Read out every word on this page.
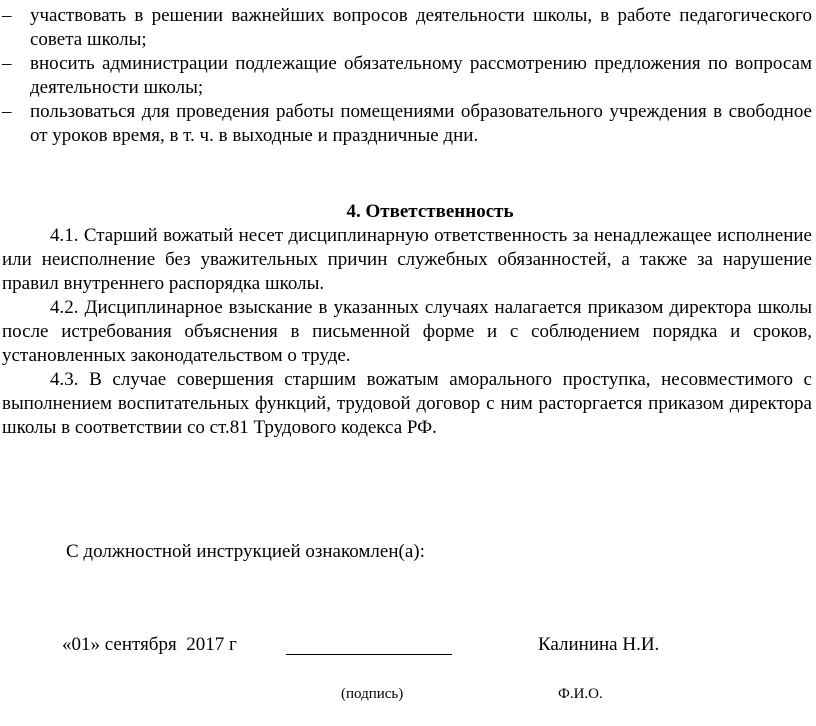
– участвовать в решении важнейших вопросов деятельности школы, в работе педагогического совета школы;
– вносить администрации подлежащие обязательному рассмотрению предложения по вопросам деятельности школы;
– пользоваться для проведения работы помещениями образовательного учреждения в свободное от уроков время, в т. ч. в выходные и праздничные дни.
4. Ответственность

4.1. Старший вожатый несет дисциплинарную ответственность за ненадлежащее исполнение или неисполнение без уважительных причин служебных обязанностей, а также за нарушение правил внутреннего распорядка школы.

4.2. Дисциплинарное взыскание в указанных случаях налагается приказом директора школы после истребования объяснения в письменной форме и с соблюдением порядка и сроков, установленных законодательством о труде.

4.3. В случае совершения старшим вожатым аморального проступка, несовместимого с выполнением воспитательных функций, трудовой договор с ним расторгается приказом директора школы в соответствии со ст.81 Трудового кодекса РФ.

С должностной инструкцией ознакомлен(а):

«01» сентября  2017 г	Калинина Н.И.
(подпись)	Ф.И.О.
